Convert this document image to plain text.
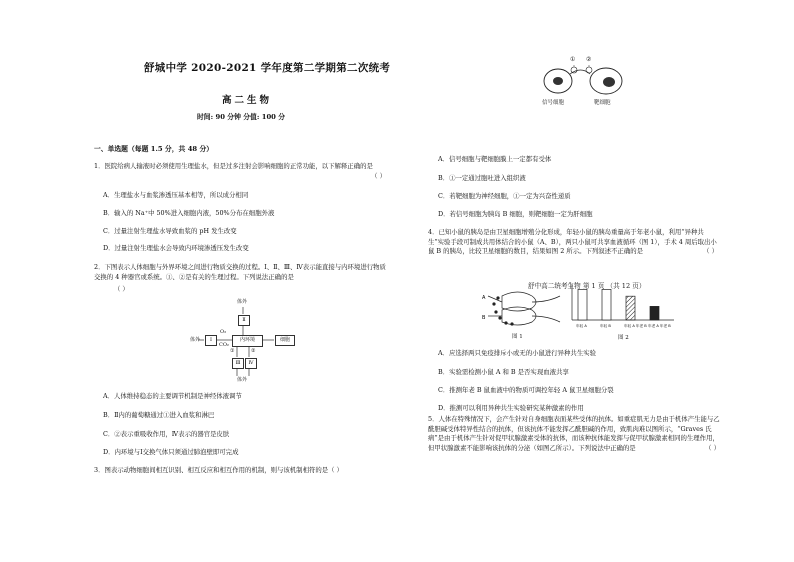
舒城中学 2020-2021 学年度第二学期第二次统考
高二生物
时间: 90 分钟 分值: 100 分
一、单选题（每题 1.5 分，共 48 分）
1．医院给病人输液时必须使用生理盐水，但是过多注射会影响细胞的正常功能，以下解释正确的是
（ ）
A．生理盐水与血浆渗透压基本相等，所以成分相同
B．输入的 Na⁺中 50%进入细胞内液，50%分布在细胞外液
C．过量注射生理盐水导致血浆的 pH 发生改变
D．过量注射生理盐水会导致内环境渗透压发生改变
2．下图表示人体细胞与外界环境之间进行物质交换的过程。Ⅰ、Ⅱ、Ⅲ、Ⅳ表示能直接与内环境进行物质交换的 4 种器官或系统。①、②是有关的生理过程。下列说法正确的是
（ ）
体外
Ⅱ
体外	Ⅰ
O₂
CO₂
内环境	细胞
①	②
Ⅲ	Ⅳ
体外
A．人体维持稳态的主要调节机制是神经体液调节
B．Ⅱ内的葡萄糖通过①进入血浆和淋巴
C．②表示重吸收作用，Ⅳ表示的器官是皮肤
D．内环境与Ⅰ交换气体只须通过肺泡壁即可完成
3．图表示动物细胞间相互识别、相互反应和相互作用的机制，则与该机制相符的是（ ）
① ②
信号细胞	靶细胞
A．信号细胞与靶细胞膜上一定都有受体
B．①一定通过胞吐进入组织液
C．若靶细胞为神经细胞，①一定为兴奋性递质
D．若信号细胞为胰岛 B 细胞，则靶细胞一定为肝细胞
4．已知小鼠的胰岛是由卫星细胞增殖分化形成，年轻小鼠的胰岛重量高于年老小鼠，利用“异种共生”实验手段可制成共用体结合的小鼠（A、B），两只小鼠可共享血液循环（图 1），手术 4 周后取出小鼠 B 的胰岛，比较卫星细胞的数目，结果如图 2 所示。下列叙述不正确的是	（ ）
A
B
图 1
年轻 A	年轻 B	年轻 A 年老 B 年老 A 年老 B
图 2
舒中高二统考生物 第 1 页 （共 12 页）
A．应选择两只免疫排斥小或无的小鼠进行异种共生实验
B．实验需检测小鼠 A 和 B 是否实现血液共享
C．推测年老 B 鼠血液中的物质可调控年轻 A 鼠卫星细胞分裂
D．推测可以利用异种共生实验研究某种激素的作用
5．人体在特殊情况下，会产生针对自身细胞表面某些受体的抗体。如重症肌无力是由于机体产生能与乙酰胆碱受体特异性结合的抗体，但该抗体不能发挥乙酰胆碱的作用，致肌肉难以图所示，“Graves 氏病”是由于机体产生针对促甲状腺激素受体的抗体，而该种抗体能发挥与促甲状腺激素相同的生理作用，但甲状腺激素不能影响该抗体的分泌（如图乙所示）。下列说法中正确的是	（ ）
